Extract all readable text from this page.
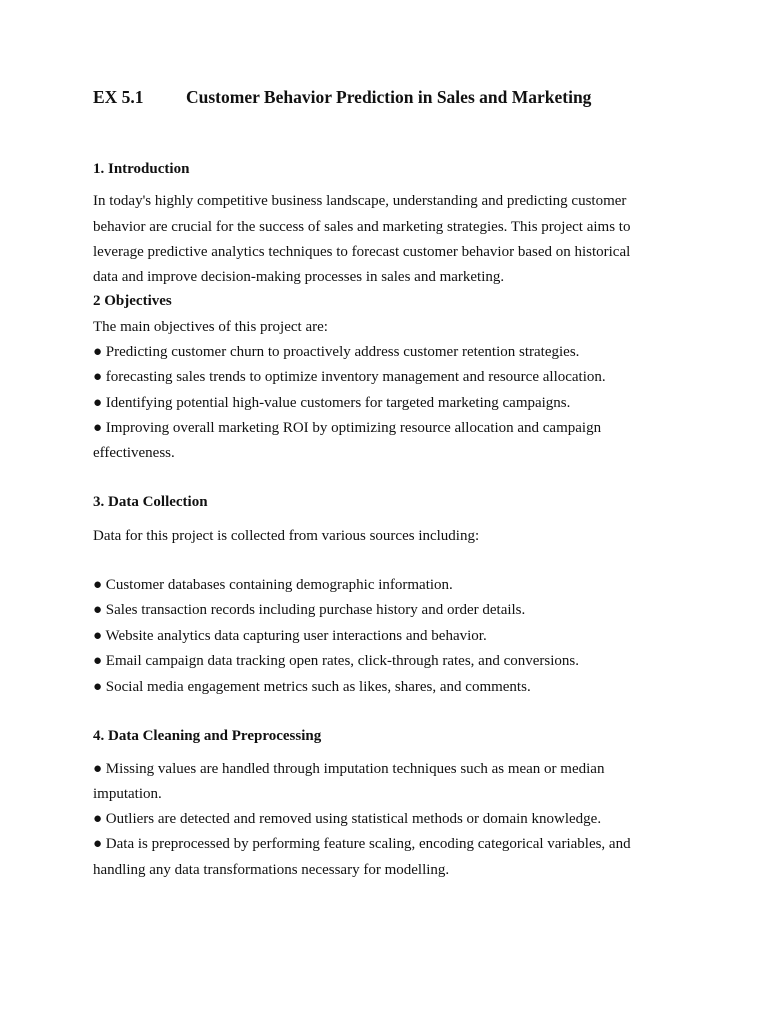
EX 5.1 Customer Behavior Prediction in Sales and Marketing
1. Introduction
In today's highly competitive business landscape, understanding and predicting customer
behavior are crucial for the success of sales and marketing strategies. This project aims to
leverage predictive analytics techniques to forecast customer behavior based on historical
data and improve decision-making processes in sales and marketing.
2 Objectives
The main objectives of this project are:
● Predicting customer churn to proactively address customer retention strategies.
● forecasting sales trends to optimize inventory management and resource allocation.
● Identifying potential high-value customers for targeted marketing campaigns.
● Improving overall marketing ROI by optimizing resource allocation and campaign
effectiveness.
3. Data Collection
Data for this project is collected from various sources including:
● Customer databases containing demographic information.
● Sales transaction records including purchase history and order details.
● Website analytics data capturing user interactions and behavior.
● Email campaign data tracking open rates, click-through rates, and conversions.
● Social media engagement metrics such as likes, shares, and comments.
4. Data Cleaning and Preprocessing
● Missing values are handled through imputation techniques such as mean or median
imputation.
● Outliers are detected and removed using statistical methods or domain knowledge.
● Data is preprocessed by performing feature scaling, encoding categorical variables, and
handling any data transformations necessary for modelling.
